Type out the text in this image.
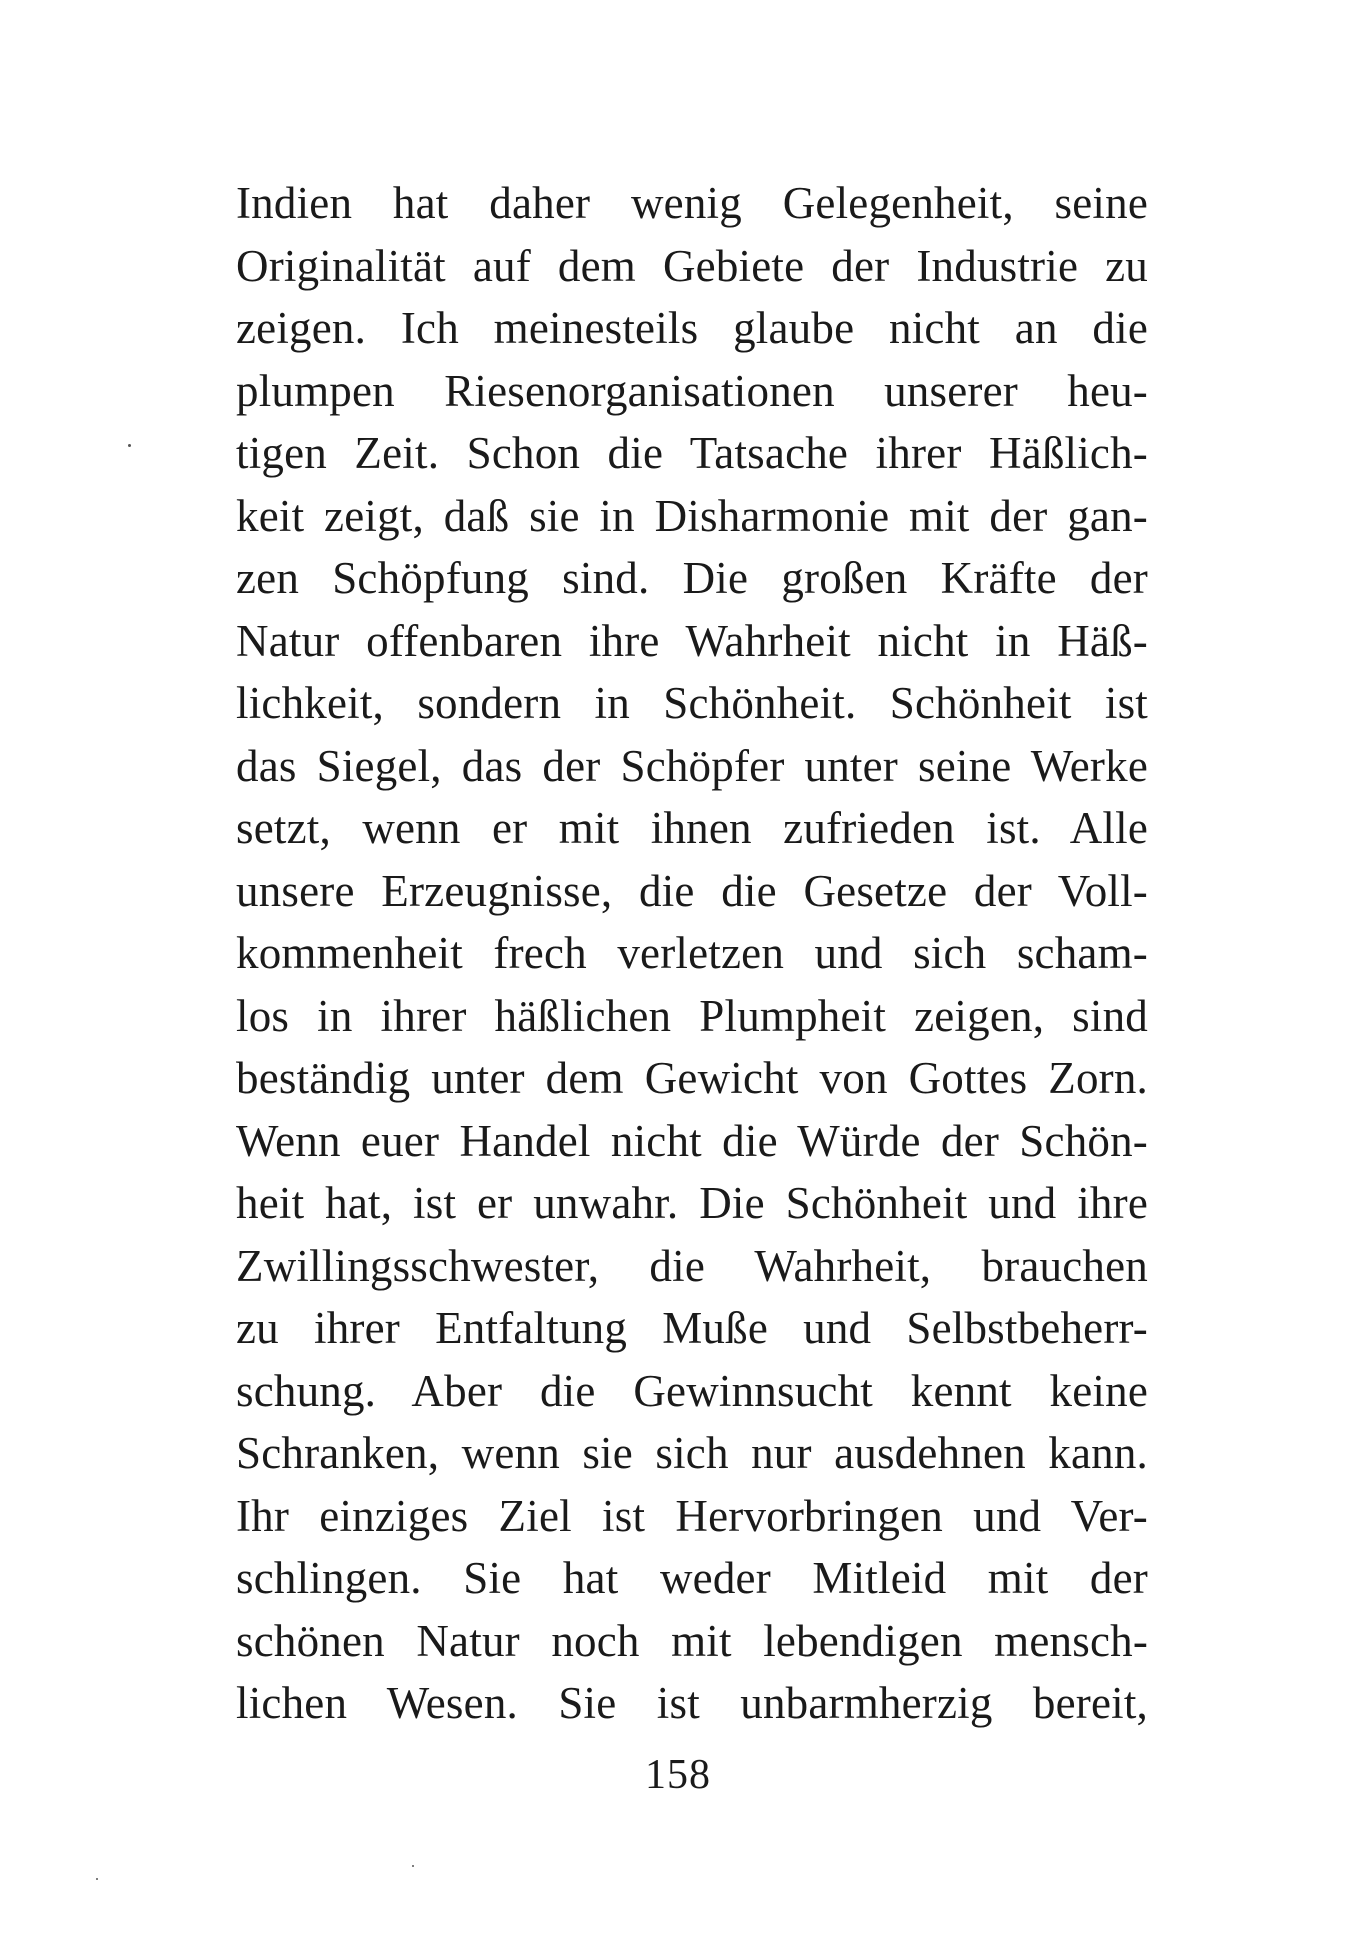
Indien hat daher wenig Gelegenheit, seine
Originalität auf dem Gebiete der Industrie zu
zeigen. Ich meinesteils glaube nicht an die
plumpen Riesenorganisationen unserer heu-
tigen Zeit. Schon die Tatsache ihrer Häßlich-
keit zeigt, daß sie in Disharmonie mit der gan-
zen Schöpfung sind. Die großen Kräfte der
Natur offenbaren ihre Wahrheit nicht in Häß-
lichkeit, sondern in Schönheit. Schönheit ist
das Siegel, das der Schöpfer unter seine Werke
setzt, wenn er mit ihnen zufrieden ist. Alle
unsere Erzeugnisse, die die Gesetze der Voll-
kommenheit frech verletzen und sich scham-
los in ihrer häßlichen Plumpheit zeigen, sind
beständig unter dem Gewicht von Gottes Zorn.
Wenn euer Handel nicht die Würde der Schön-
heit hat, ist er unwahr. Die Schönheit und ihre
Zwillingsschwester, die Wahrheit, brauchen
zu ihrer Entfaltung Muße und Selbstbeherr-
schung. Aber die Gewinnsucht kennt keine
Schranken, wenn sie sich nur ausdehnen kann.
Ihr einziges Ziel ist Hervorbringen und Ver-
schlingen. Sie hat weder Mitleid mit der
schönen Natur noch mit lebendigen mensch-
lichen Wesen. Sie ist unbarmherzig bereit,
158
